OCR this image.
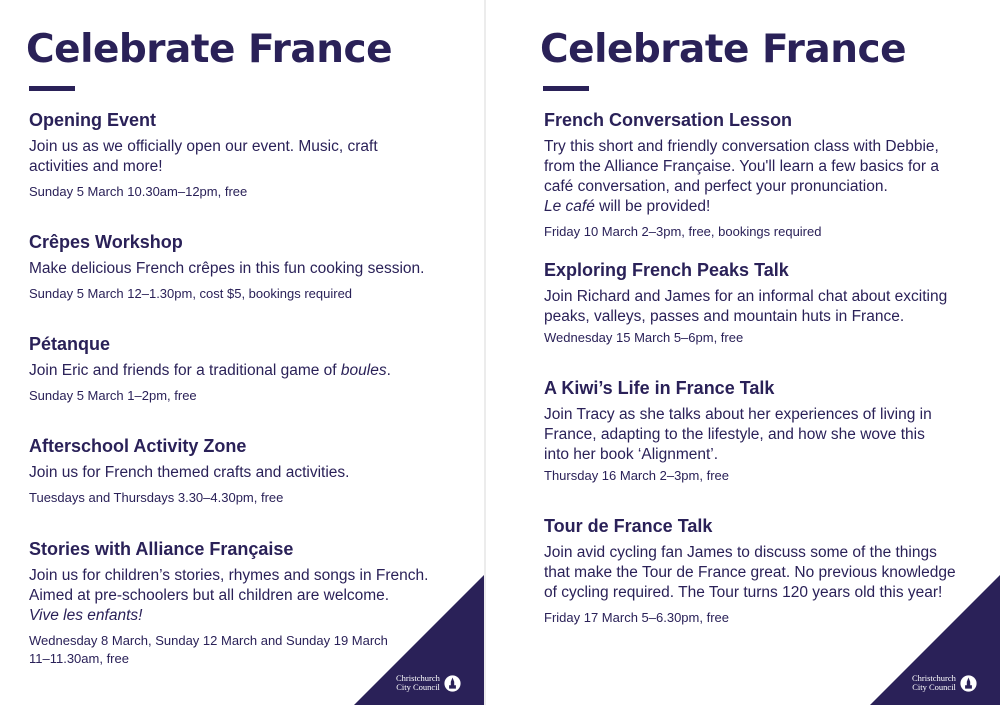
Celebrate France
Opening Event
Join us as we officially open our event. Music, craft activities and more!
Sunday 5 March 10.30am–12pm, free
Crêpes Workshop
Make delicious French crêpes in this fun cooking session.
Sunday 5 March 12–1.30pm, cost $5, bookings required
Pétanque
Join Eric and friends for a traditional game of boules.
Sunday 5 March 1–2pm, free
Afterschool Activity Zone
Join us for French themed crafts and activities.
Tuesdays and Thursdays 3.30–4.30pm, free
Stories with Alliance Française
Join us for children’s stories, rhymes and songs in French. Aimed at pre-schoolers but all children are welcome.
Vive les enfants!
Wednesday 8 March, Sunday 12 March and Sunday 19 March 11–11.30am, free
Christchurch
City Council
Celebrate France
French Conversation Lesson
Try this short and friendly conversation class with Debbie, from the Alliance Française. You'll learn a few basics for a café conversation, and perfect your pronunciation.
Le café will be provided!
Friday 10 March 2–3pm, free, bookings required
Exploring French Peaks Talk
Join Richard and James for an informal chat about exciting peaks, valleys, passes and mountain huts in France.
Wednesday 15 March 5–6pm, free
A Kiwi’s Life in France Talk
Join Tracy as she talks about her experiences of living in France, adapting to the lifestyle, and how she wove this into her book ‘Alignment’.
Thursday 16 March 2–3pm, free
Tour de France Talk
Join avid cycling fan James to discuss some of the things that make the Tour de France great. No previous knowledge of cycling required. The Tour turns 120 years old this year!
Friday 17 March 5–6.30pm, free
Christchurch
City Council
